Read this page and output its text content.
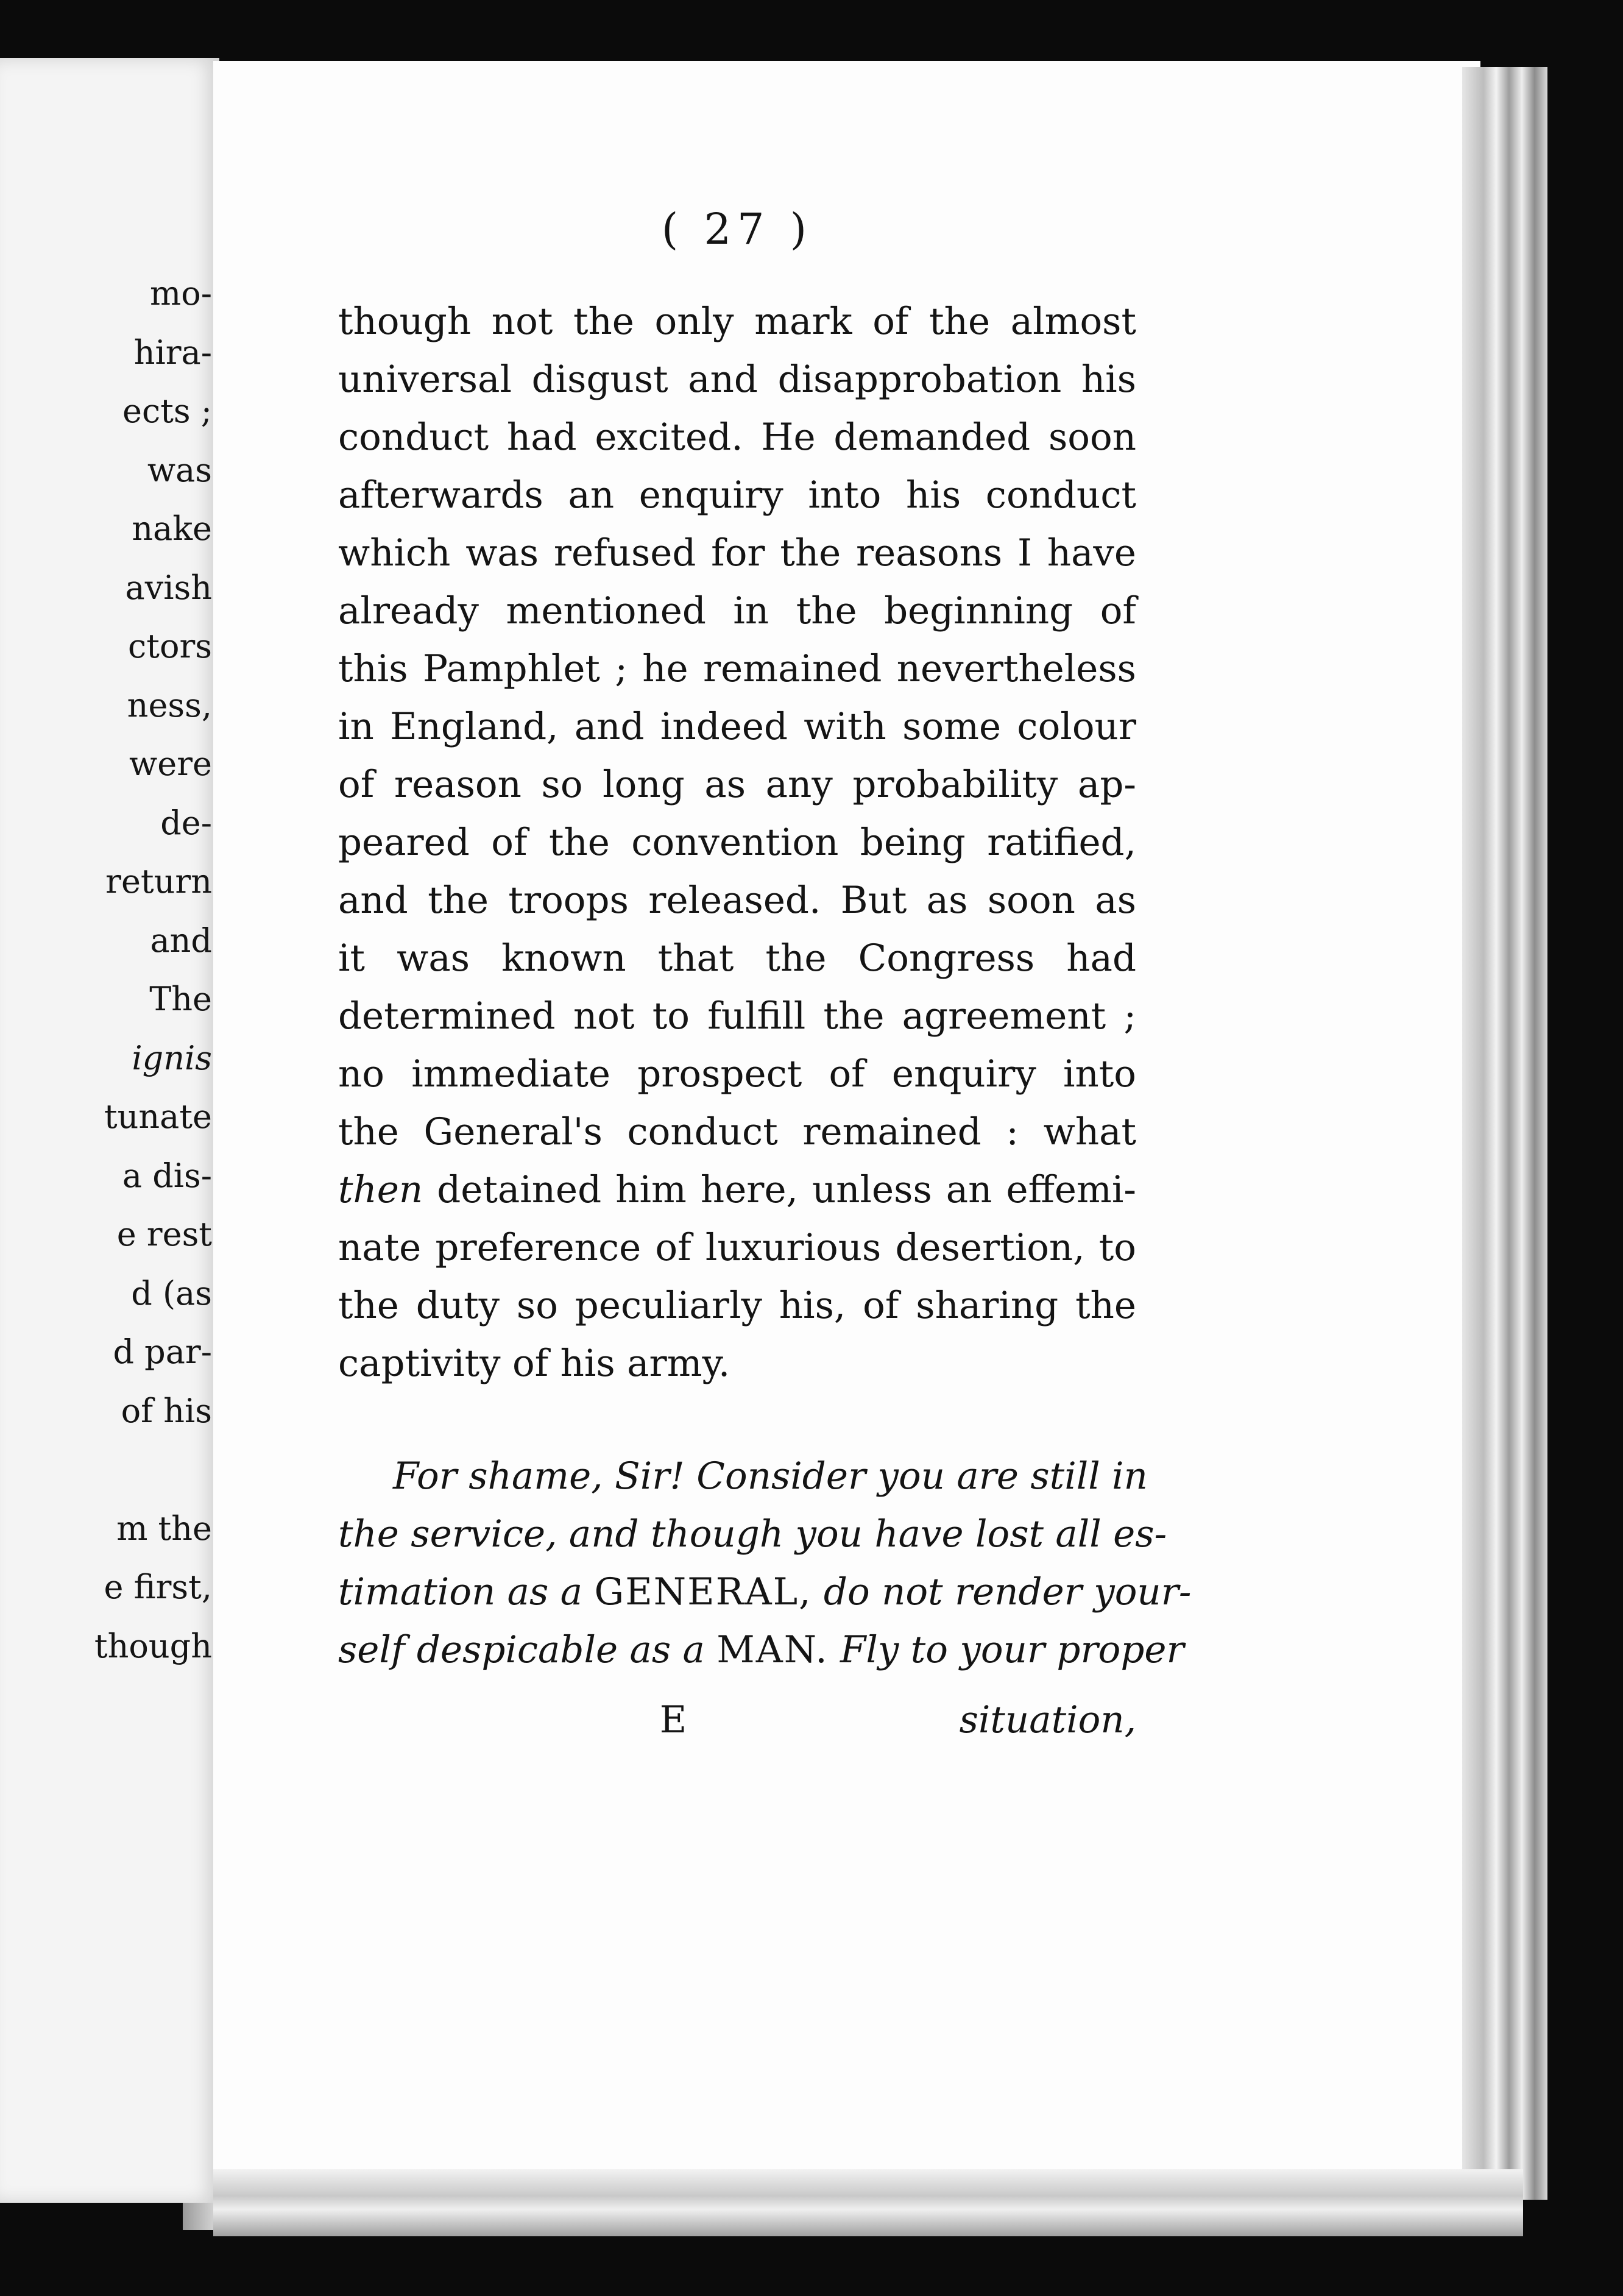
mo-
hira-
ects ;
was
nake
avish
ctors
ness,
were
de-
return
and
The
ignis
tunate
a dis-
e rest
d (as
d par-
of his
m the
e first,
though
( 27 )
though not the only mark of the almost
universal disgust and disapprobation his
conduct had excited. He demanded soon
afterwards an enquiry into his conduct
which was refused for the reasons I have
already mentioned in the beginning of
this Pamphlet ; he remained nevertheless
in England, and indeed with some colour
of reason so long as any probability ap-
peared of the convention being ratified,
and the troops released. But as soon as
it was known that the Congress had
determined not to fulfill the agreement ;
no immediate prospect of enquiry into
the General's conduct remained : what
then detained him here, unless an effemi-
nate preference of luxurious desertion, to
the duty so peculiarly his, of sharing the
captivity of his army.
For shame, Sir! Consider you are still in
the service, and though you have lost all es-
timation as a GENERAL, do not render your-
self despicable as a MAN. Fly to your proper
E	situation,
